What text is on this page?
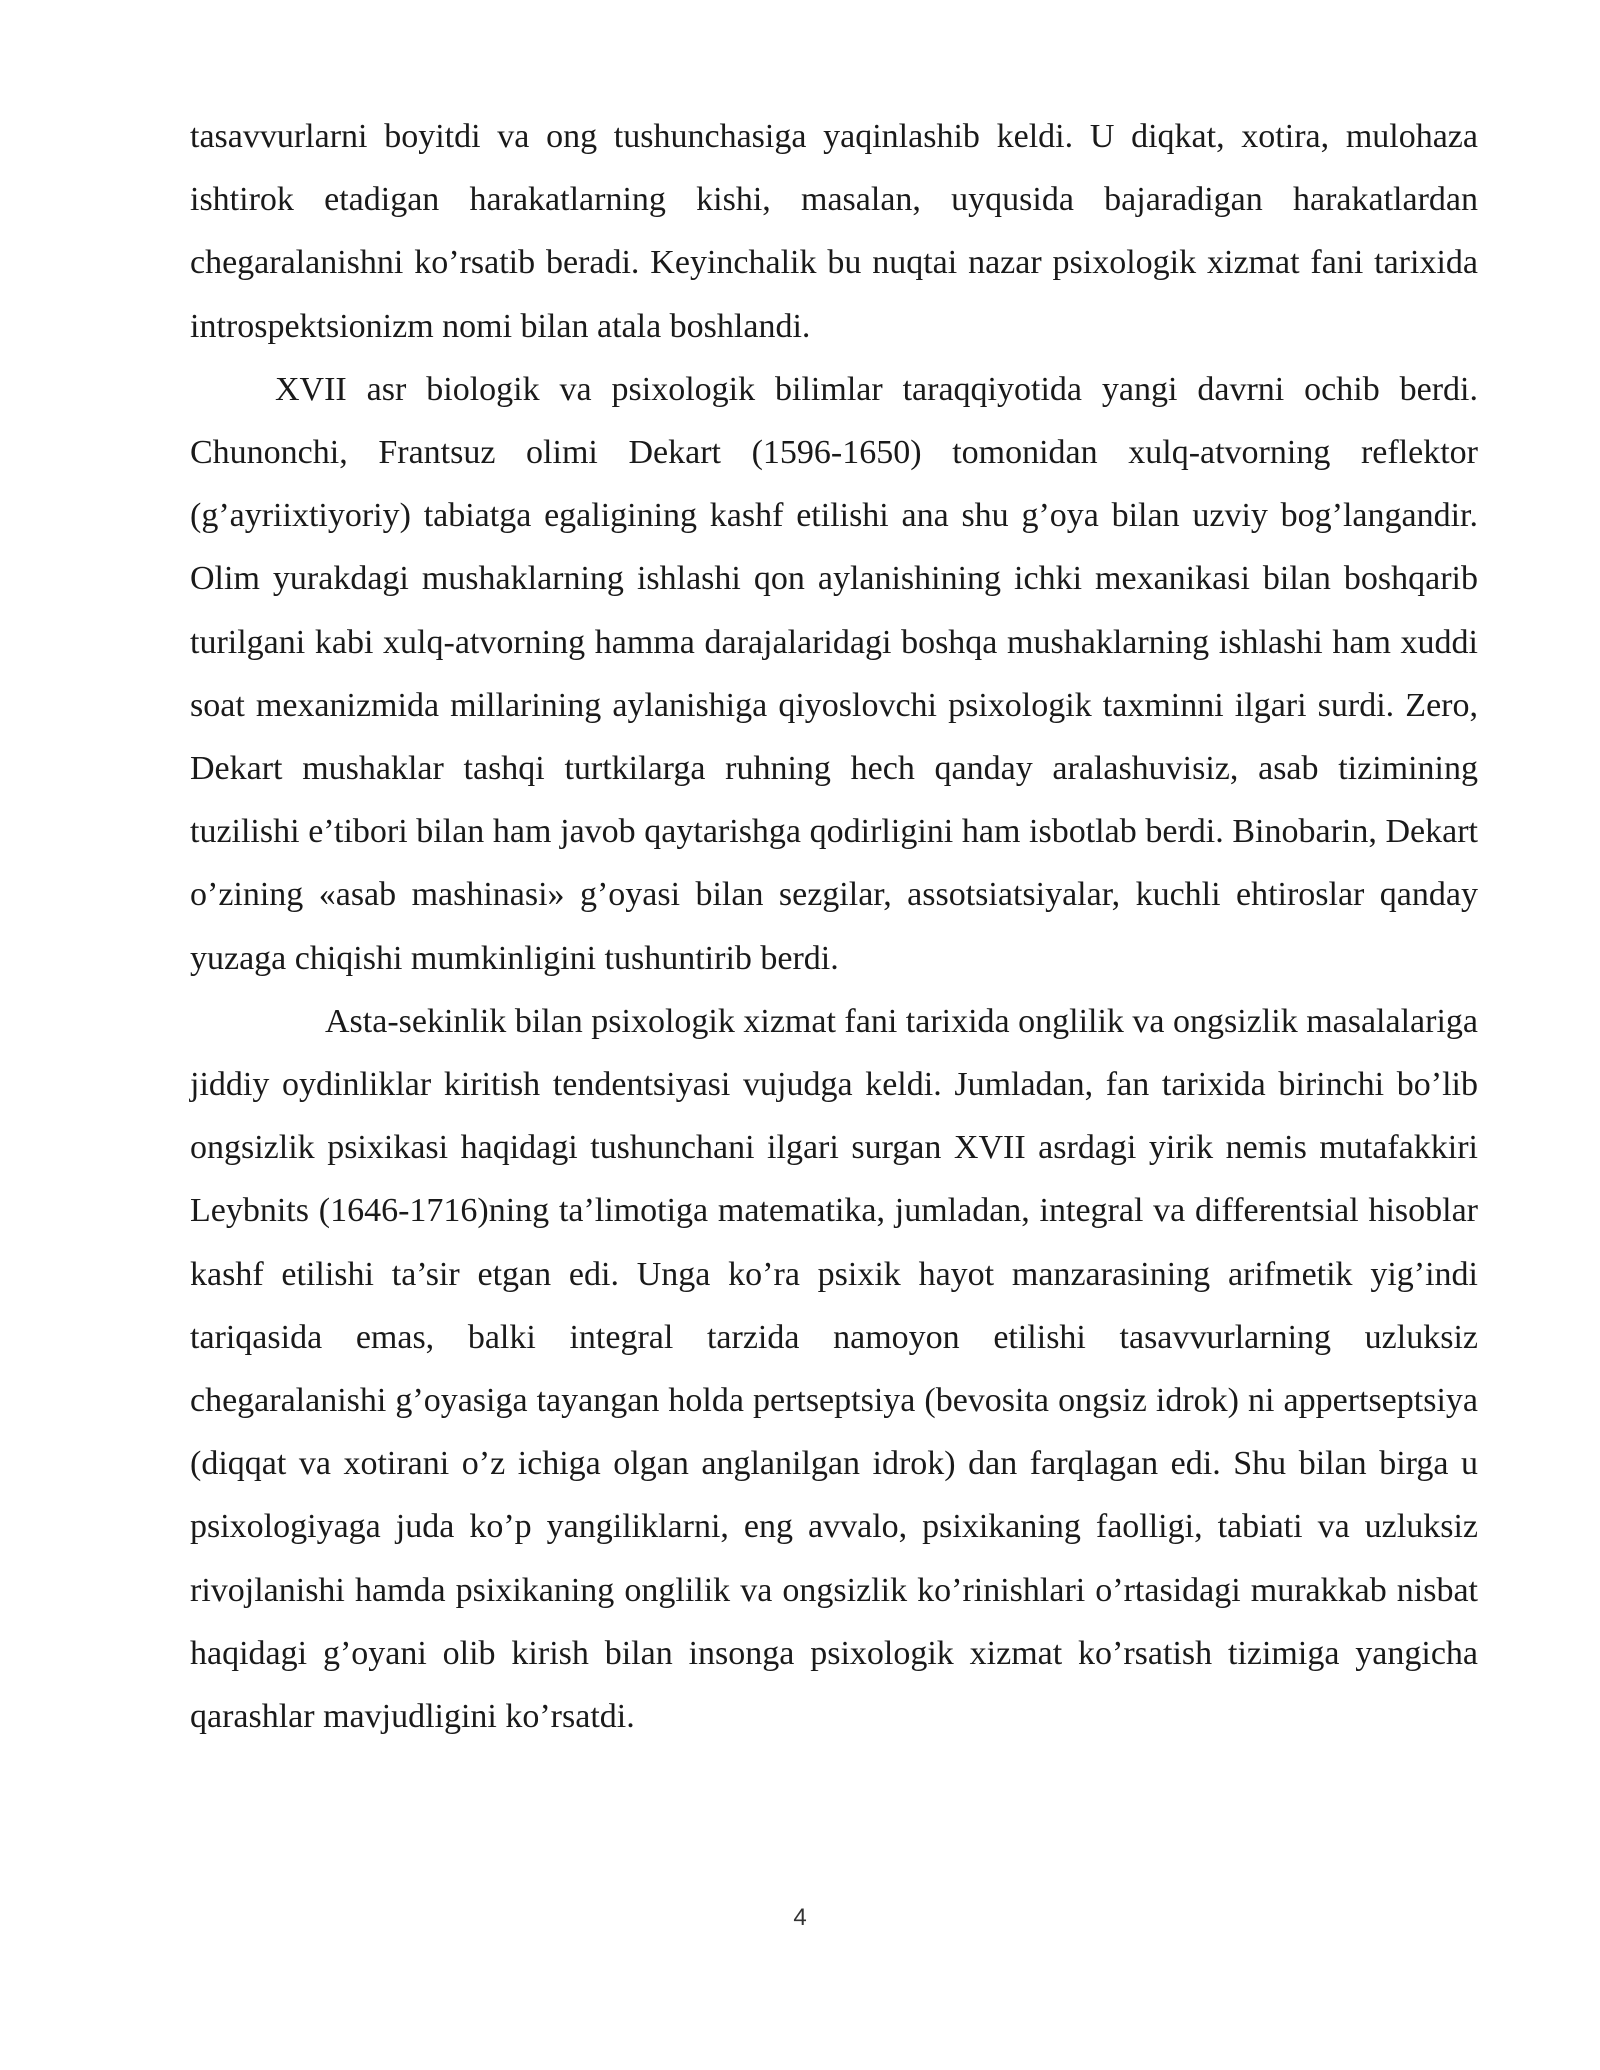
tasavvurlarni boyitdi va ong tushunchasiga yaqinlashib keldi. U diqkat, xotira, mulohaza ishtirok etadigan harakatlarning kishi, masalan, uyqusida bajaradigan harakatlardan chegaralanishni ko’rsatib beradi. Keyinchalik bu nuqtai nazar psixologik xizmat fani tarixida introspektsionizm nomi bilan atala boshlandi.

XVII asr biologik va psixologik bilimlar taraqqiyotida yangi davrni ochib berdi. Chunonchi, Frantsuz olimi Dekart (1596-1650) tomonidan xulq-atvorning reflektor (g’ayriixtiyoriy) tabiatga egaligining kashf etilishi ana shu g’oya bilan uzviy bog’langandir. Olim yurakdagi mushaklarning ishlashi qon aylanishining ichki mexanikasi bilan boshqarib turilgani kabi xulq-atvorning hamma darajalaridagi boshqa mushaklarning ishlashi ham xuddi soat mexanizmida millarining aylanishiga qiyoslovchi psixologik taxminni ilgari surdi. Zero, Dekart mushaklar tashqi turtkilarga ruhning hech qanday aralashuvisiz, asab tizimining tuzilishi e’tibori bilan ham javob qaytarishga qodirligini ham isbotlab berdi. Binobarin, Dekart o’zining «asab mashinasi» g’oyasi bilan sezgilar, assotsiatsiyalar, kuchli ehtiroslar qanday yuzaga chiqishi mumkinligini tushuntirib berdi.

Asta-sekinlik bilan psixologik xizmat fani tarixida onglilik va ongsizlik masalalariga jiddiy oydinliklar kiritish tendentsiyasi vujudga keldi. Jumladan, fan tarixida birinchi bo’lib ongsizlik psixikasi haqidagi tushunchani ilgari surgan XVII asrdagi yirik nemis mutafakkiri Leybnits (1646-1716)ning ta’limotiga matematika, jumladan, integral va differentsial hisoblar kashf etilishi ta’sir etgan edi. Unga ko’ra psixik hayot manzarasining arifmetik yig’indi tariqasida emas, balki integral tarzida namoyon etilishi tasavvurlarning uzluksiz chegaralanishi g’oyasiga tayangan holda pertseptsiya (bevosita ongsiz idrok) ni appertseptsiya (diqqat va xotirani o’z ichiga olgan anglanilgan idrok) dan farqlagan edi. Shu bilan birga u psixologiyaga juda ko’p yangiliklarni, eng avvalo, psixikaning faolligi, tabiati va uzluksiz rivojlanishi hamda psixikaning onglilik va ongsizlik ko’rinishlari o’rtasidagi murakkab nisbat haqidagi g’oyani olib kirish bilan insonga psixologik xizmat ko’rsatish tizimiga yangicha qarashlar mavjudligini ko’rsatdi.

4
